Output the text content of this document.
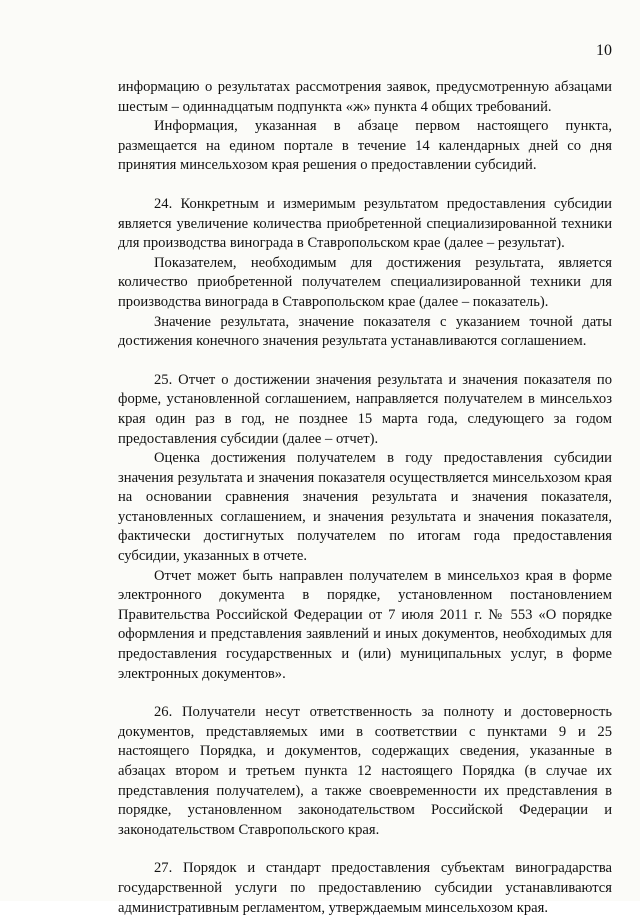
10

информацию о результатах рассмотрения заявок, предусмотренную абзацами шестым – одиннадцатым подпункта «ж» пункта 4 общих требований.

Информация, указанная в абзаце первом настоящего пункта, размещается на едином портале в течение 14 календарных дней со дня принятия минсельхозом края решения о предоставлении субсидий.

24. Конкретным и измеримым результатом предоставления субсидии является увеличение количества приобретенной специализированной техники для производства винограда в Ставропольском крае (далее – результат).

Показателем, необходимым для достижения результата, является количество приобретенной получателем специализированной техники для производства винограда в Ставропольском крае (далее – показатель).

Значение результата, значение показателя с указанием точной даты достижения конечного значения результата устанавливаются соглашением.

25. Отчет о достижении значения результата и значения показателя по форме, установленной соглашением, направляется получателем в минсельхоз края один раз в год, не позднее 15 марта года, следующего за годом предоставления субсидии (далее – отчет).

Оценка достижения получателем в году предоставления субсидии значения результата и значения показателя осуществляется минсельхозом края на основании сравнения значения результата и значения показателя, установленных соглашением, и значения результата и значения показателя, фактически достигнутых получателем по итогам года предоставления субсидии, указанных в отчете.

Отчет может быть направлен получателем в минсельхоз края в форме электронного документа в порядке, установленном постановлением Правительства Российской Федерации от 7 июля 2011 г. № 553 «О порядке оформления и представления заявлений и иных документов, необходимых для предоставления государственных и (или) муниципальных услуг, в форме электронных документов».

26. Получатели несут ответственность за полноту и достоверность документов, представляемых ими в соответствии с пунктами 9 и 25 настоящего Порядка, и документов, содержащих сведения, указанные в абзацах втором и третьем пункта 12 настоящего Порядка (в случае их представления получателем), а также своевременности их представления в порядке, установленном законодательством Российской Федерации и законодательством Ставропольского края.

27. Порядок и стандарт предоставления субъектам виноградарства государственной услуги по предоставлению субсидии устанавливаются административным регламентом, утверждаемым минсельхозом края.
